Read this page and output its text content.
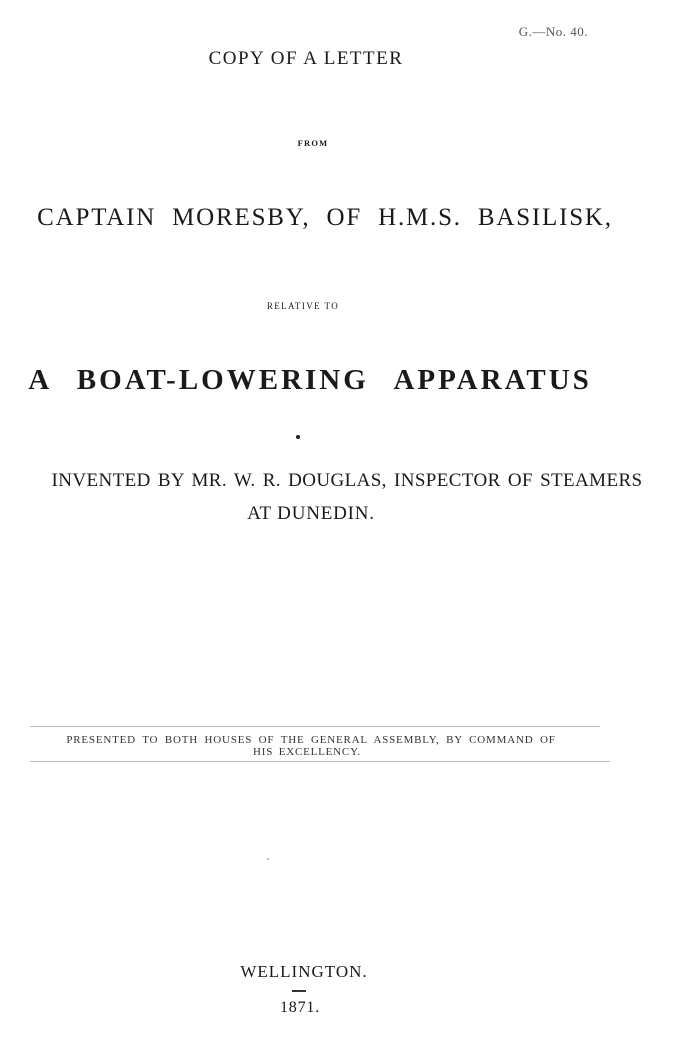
G.—No. 40.
COPY OF A LETTER
FROM
CAPTAIN MORESBY, OF H.M.S. BASILISK,
RELATIVE TO
A BOAT-LOWERING APPARATUS
INVENTED BY MR. W. R. DOUGLAS, INSPECTOR OF STEAMERS
AT DUNEDIN.
PRESENTED TO BOTH HOUSES OF THE GENERAL ASSEMBLY, BY COMMAND OF
HIS EXCELLENCY.
WELLINGTON.
1871.
